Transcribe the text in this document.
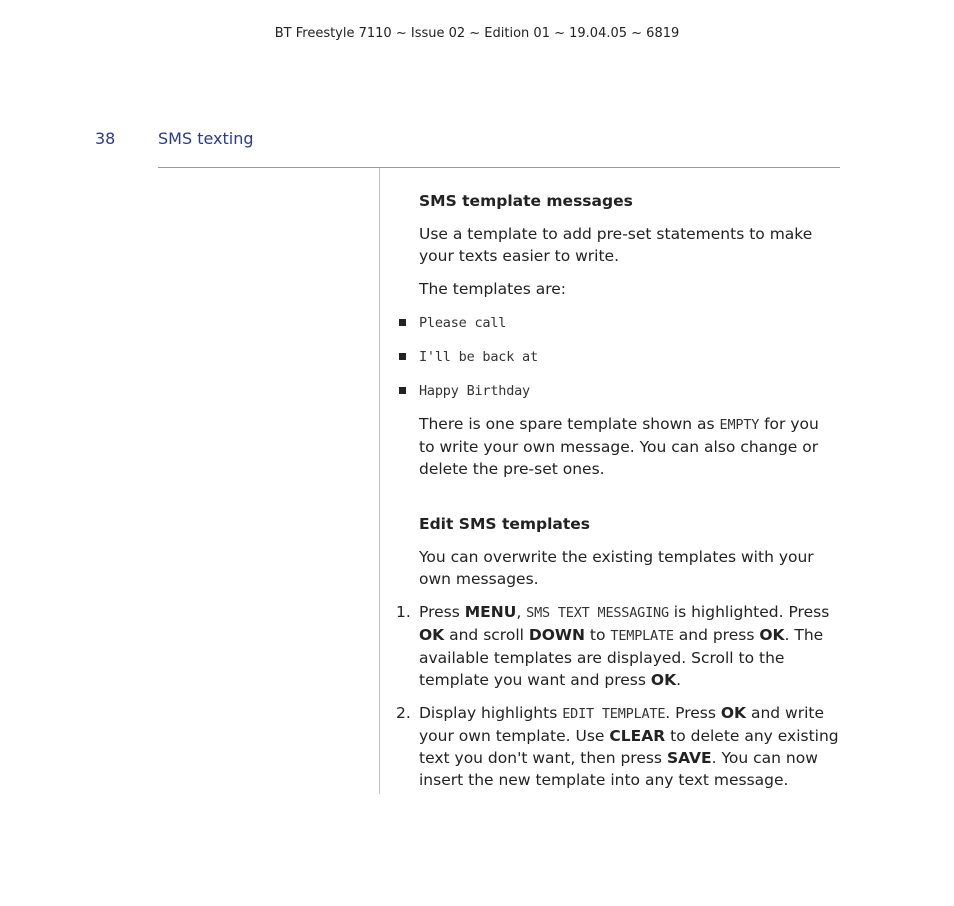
BT Freestyle 7110 ~ Issue 02 ~ Edition 01 ~ 19.04.05 ~ 6819
38	SMS texting

SMS template messages

Use a template to add pre-set statements to make your texts easier to write.

The templates are:

Please call
I'll be back at
Happy Birthday

There is one spare template shown as EMPTY for you to write your own message. You can also change or delete the pre-set ones.

Edit SMS templates

You can overwrite the existing templates with your own messages.

1. Press MENU, SMS TEXT MESSAGING is highlighted. Press OK and scroll DOWN to TEMPLATE and press OK. The available templates are displayed. Scroll to the template you want and press OK.
2. Display highlights EDIT TEMPLATE. Press OK and write your own template. Use CLEAR to delete any existing text you don't want, then press SAVE. You can now insert the new template into any text message.
